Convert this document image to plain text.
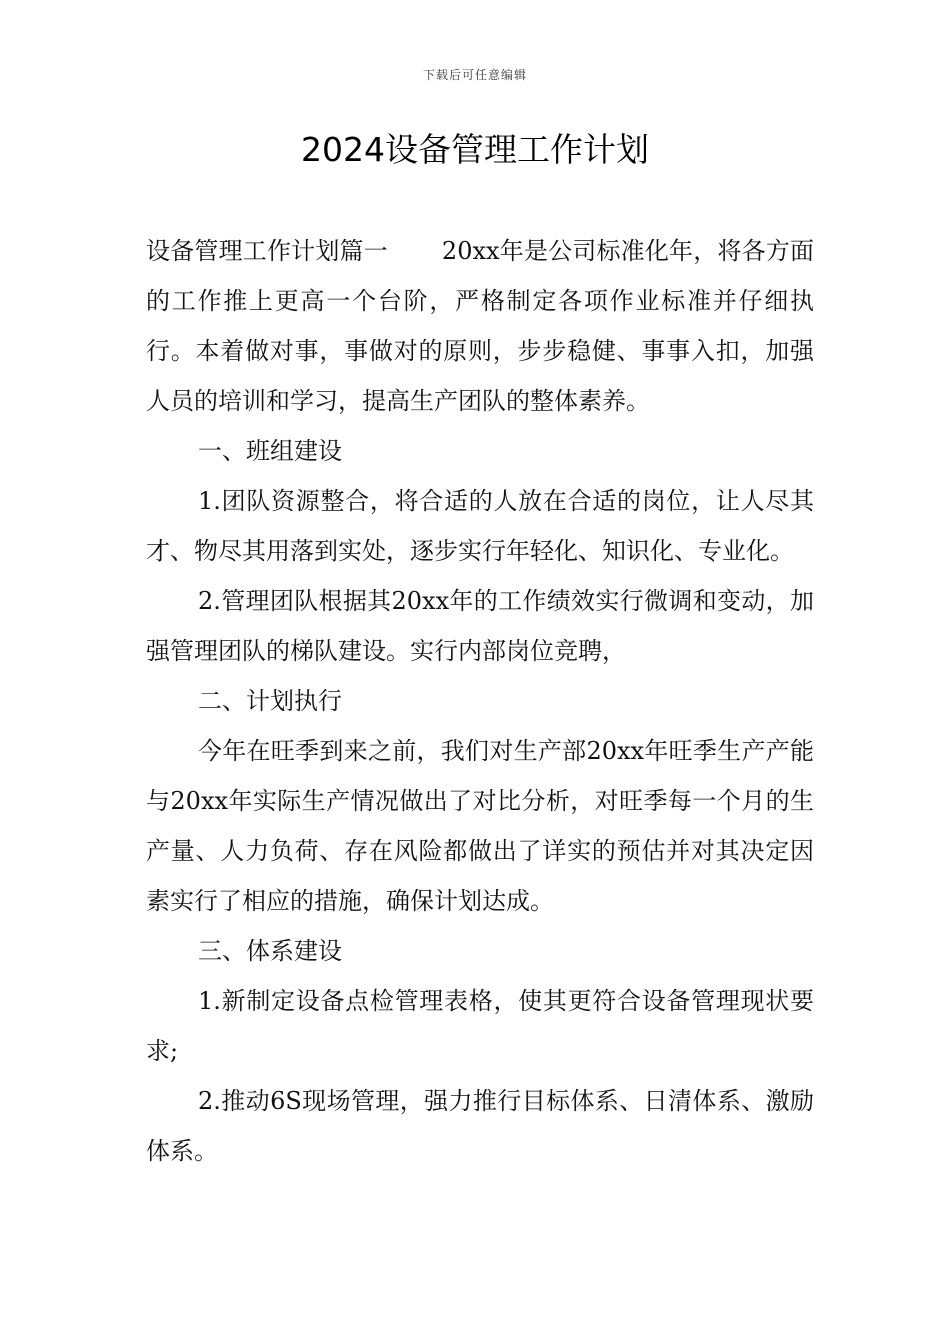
下载后可任意编辑
2024设备管理工作计划

设备管理工作计划篇一 20xx年是公司标准化年，将各方面的工作推上更高一个台阶，严格制定各项作业标准并仔细执行。本着做对事，事做对的原则，步步稳健、事事入扣，加强人员的培训和学习，提高生产团队的整体素养。

一、班组建设

1.团队资源整合，将合适的人放在合适的岗位，让人尽其才、物尽其用落到实处，逐步实行年轻化、知识化、专业化。

2.管理团队根据其20xx年的工作绩效实行微调和变动，加强管理团队的梯队建设。实行内部岗位竞聘，

二、计划执行

今年在旺季到来之前，我们对生产部20xx年旺季生产产能与20xx年实际生产情况做出了对比分析，对旺季每一个月的生产量、人力负荷、存在风险都做出了详实的预估并对其决定因素实行了相应的措施，确保计划达成。

三、体系建设

1.新制定设备点检管理表格，使其更符合设备管理现状要求;

2.推动6S现场管理，强力推行目标体系、日清体系、激励体系。
